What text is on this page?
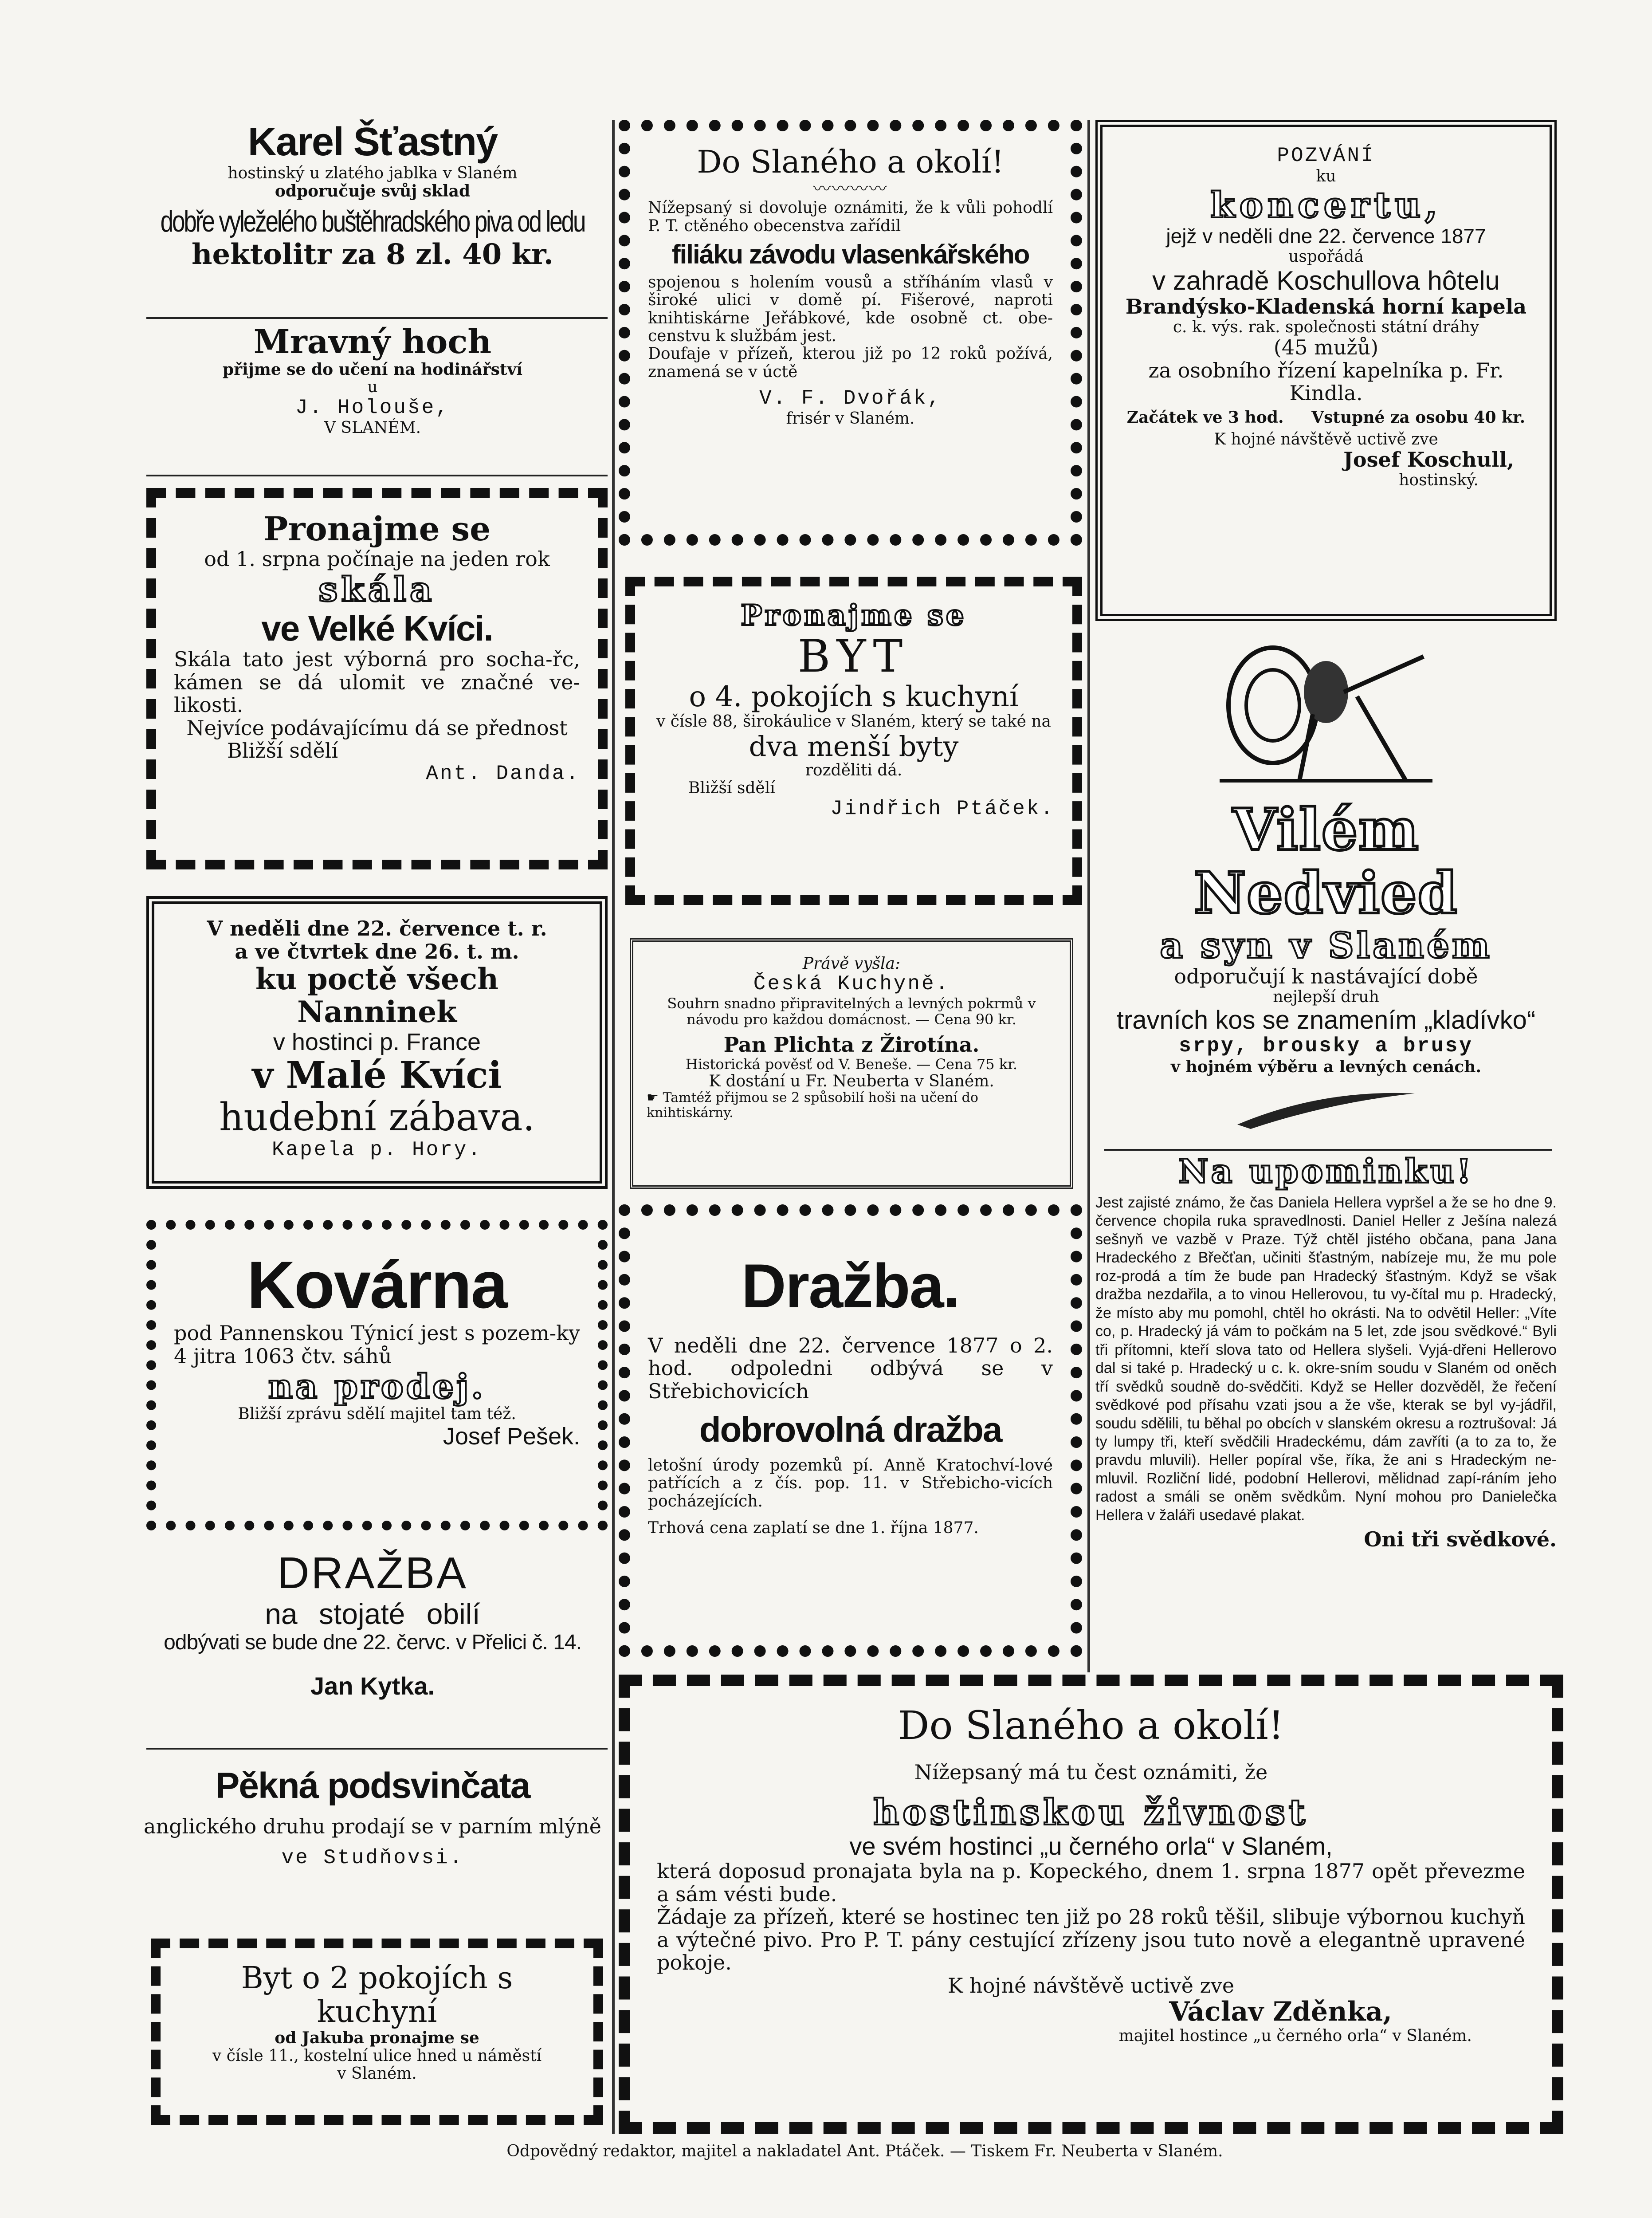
Karel Šťastný

hostinský u zlatého jablka v Slaném

odporučuje svůj sklad

dobře vyleželého buštěhradského piva od ledu

hektolitr za 8 zl. 40 kr.

Mravný hoch

přijme se do učení na hodinářství

u

J. Holouše,

V SLANÉM.

Pronajme se

od 1. srpna počínaje na jeden rok

skála

ve Velké Kvíci.

Skála tato jest výborná pro socha-řc, kámen se dá ulomit ve značné ve-likosti.

Nejvíce podávajícímu dá se přednost

Bližší sdělí

Ant. Danda.

V neděli dne 22. července t. r.

a ve čtvrtek dne 26. t. m.

ku poctě všech Nanninek

v hostinci p. France

v Malé Kvíci

hudební zábava.

Kapela p. Hory.

Kovárna

pod Pannenskou Týnicí jest s pozem-ky 4 jitra 1063 čtv. sáhů

na prodej.

Bližší zprávu sdělí majitel tam též.

Josef Pešek.

DRAŽBA

na stojaté obilí

odbývati se bude dne 22. červc. v Přelici č. 14.

Jan Kytka.

Pěkná podsvinčata

anglického druhu prodají se v parním mlýně

ve Studňovsi.

Byt o 2 pokojích s kuchyní

od Jakuba pronajme se

v čísle 11., kostelní ulice hned u náměstí

v Slaném.

Do Slaného a okolí!

〰〰〰〰

Nížepsaný si dovoluje oznámiti, že k vůli pohodlí P. T. ctěného obecenstva zařídil

filiáku závodu vlasenkářského

spojenou s holením vousů a stříháním vlasů v široké ulici v domě pí. Fišerové, naproti knihtiskárne Jeřábkové, kde osobně ct. obe-censtvu k službám jest.

Doufaje v přízeň, kterou již po 12 roků požívá, znamená se v úctě

V. F. Dvořák,

frisér v Slaném.

Pronajme se

BYT

o 4. pokojích s kuchyní

v čísle 88, širokáulice v Slaném, který se také na

dva menší byty

rozděliti dá.

Bližší sdělí

Jindřich Ptáček.

Právě vyšla:

Česká Kuchyně.

Souhrn snadno připravitelných a levných pokrmů v návodu pro každou domácnost. — Cena 90 kr.

Pan Plichta z Žirotína.

Historická pověsť od V. Beneše. — Cena 75 kr.

K dostání u Fr. Neuberta v Slaném.

☛ Tamtéž přijmou se 2 spůsobilí hoši na učení do knihtiskárny.

Dražba.

V neděli dne 22. července 1877 o 2. hod. odpoledni odbývá se v Střebichovicích

dobrovolná dražba

letošní úrody pozemků pí. Anně Kratochví-lové patřících a z čís. pop. 11. v Střebicho-vicích pocházejících.

Trhová cena zaplatí se dne 1. října 1877.

POZVÁNÍ

ku

koncertu,

jejž v neděli dne 22. července 1877

uspořádá

v zahradě Koschullova hôtelu

Brandýsko-Kladenská horní kapela

c. k. výs. rak. společnosti státní dráhy

(45 mužů)

za osobního řízení kapelníka p. Fr. Kindla.

Začátek ve 3 hod. Vstupné za osobu 40 kr.

K hojné návštěvě uctivě zve

Josef Koschull,

hostinský.

Vilém Nedvied

a syn v Slaném

odporučují k nastávající době

nejlepší druh

travních kos se znamením „kladívko“

srpy, brousky a brusy

v hojném výběru a levných cenách.

Na upominku!

Jest zajisté známo, že čas Daniela Hellera vypršel a že se ho dne 9. července chopila ruka spravedlnosti. Daniel Heller z Ješína nalezá sešnyň ve vazbě v Praze. Týž chtěl jistého občana, pana Jana Hradeckého z Břečťan, učiniti šťastným, nabízeje mu, že mu pole roz-prodá a tím že bude pan Hradecký šťastným. Když se však dražba nezdařila, a to vinou Hellerovou, tu vy-čítal mu p. Hradecký, že místo aby mu pomohl, chtěl ho okrásti. Na to odvětil Heller: „Víte co, p. Hradecký já vám to počkám na 5 let, zde jsou svědkové.“ Byli tři přítomni, kteří slova tato od Hellera slyšeli. Vyjá-dřeni Hellerovo dal si také p. Hradecký u c. k. okre-sním soudu v Slaném od oněch tří svědků soudně do-svědčiti. Když se Heller dozvěděl, že řečení svědkové pod přísahu vzati jsou a že vše, kterak se byl vy-jádřil, soudu sdělili, tu běhal po obcích v slanském okresu a roztrušoval: Já ty lumpy tři, kteří svědčili Hradeckému, dám zavříti (a to za to, že pravdu mluvili). Heller popíral vše, říka, že ani s Hradeckým ne-mluvil. Rozliční lidé, podobní Hellerovi, mělidnad zapí-ráním jeho radost a smáli se oněm svědkům. Nyní mohou pro Danielečka Hellera v žaláři usedavé plakat.

Oni tři svědkové.

Do Slaného a okolí!

Nížepsaný má tu čest oznámiti, že

hostinskou živnost

ve svém hostinci „u černého orla“ v Slaném,

která doposud pronajata byla na p. Kopeckého, dnem 1. srpna 1877 opět převezme a sám vésti bude.

Žádaje za přízeň, které se hostinec ten již po 28 roků těšil, slibuje výbornou kuchyň a výtečné pivo. Pro P. T. pány cestující zřízeny jsou tuto nově a elegantně upravené pokoje.

K hojné návštěvě uctivě zve

Václav Zděnka,

majitel hostince „u černého orla“ v Slaném.

Odpovědný redaktor, majitel a nakladatel Ant. Ptáček. — Tiskem Fr. Neuberta v Slaném.
